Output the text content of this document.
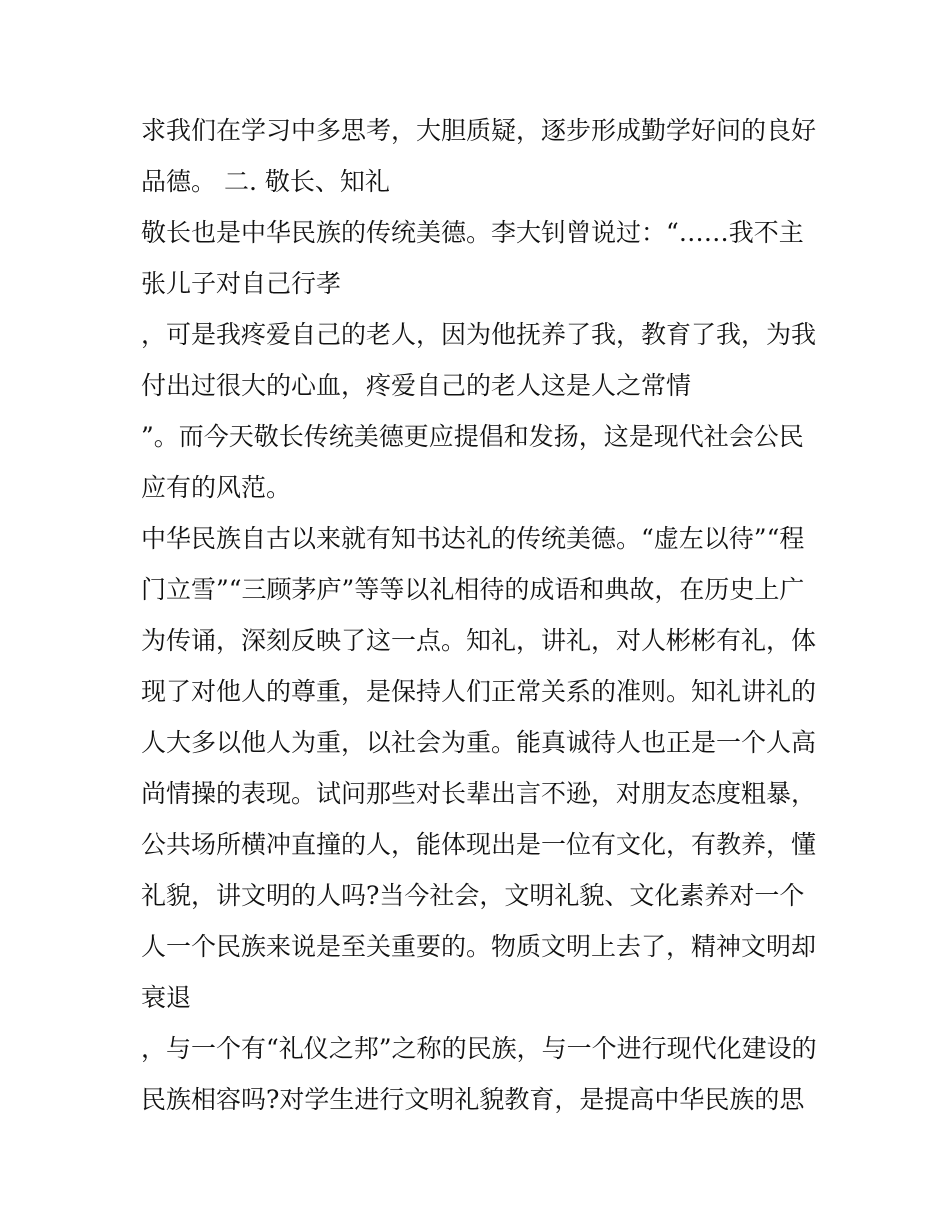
求我们在学习中多思考，大胆质疑，逐步形成勤学好问的良好
品德。 二. 敬长、知礼
敬长也是中华民族的传统美德。李大钊曾说过：“……我不主
张儿子对自己行孝
，可是我疼爱自己的老人，因为他抚养了我，教育了我，为我
付出过很大的心血，疼爱自己的老人这是人之常情
”。而今天敬长传统美德更应提倡和发扬，这是现代社会公民
应有的风范。
中华民族自古以来就有知书达礼的传统美德。“虚左以待”“程
门立雪”“三顾茅庐”等等以礼相待的成语和典故，在历史上广
为传诵，深刻反映了这一点。知礼，讲礼，对人彬彬有礼，体
现了对他人的尊重，是保持人们正常关系的准则。知礼讲礼的
人大多以他人为重，以社会为重。能真诚待人也正是一个人高
尚情操的表现。试问那些对长辈出言不逊，对朋友态度粗暴，
公共场所横冲直撞的人，能体现出是一位有文化，有教养，懂
礼貌，讲文明的人吗?当今社会，文明礼貌、文化素养对一个
人一个民族来说是至关重要的。物质文明上去了，精神文明却
衰退
，与一个有“礼仪之邦”之称的民族，与一个进行现代化建设的
民族相容吗?对学生进行文明礼貌教育，是提高中华民族的思
